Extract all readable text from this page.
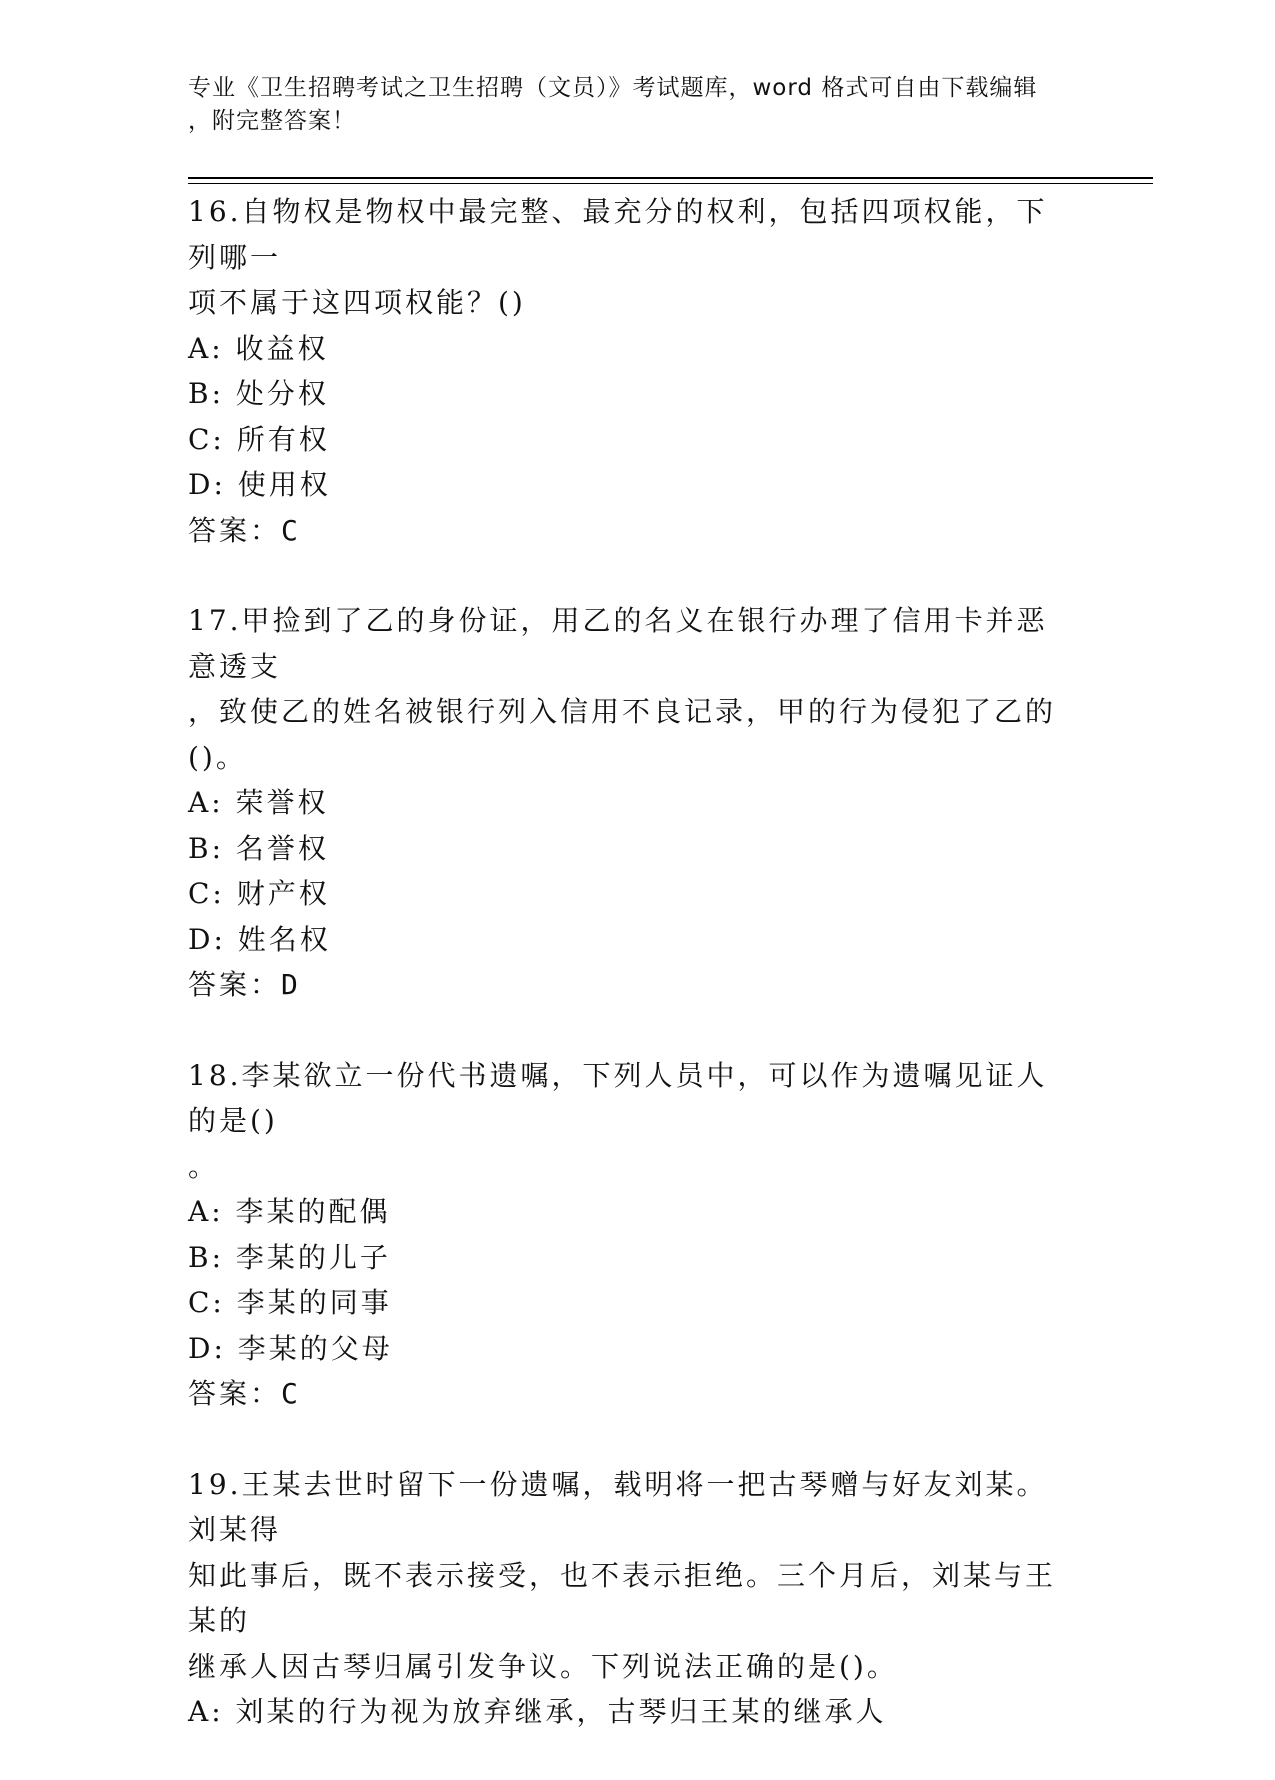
专业《卫生招聘考试之卫生招聘（文员）》考试题库，word 格式可自由下载编辑
，附完整答案！
16.自物权是物权中最完整、最充分的权利，包括四项权能，下列哪一
项不属于这四项权能？()
A: 收益权
B: 处分权
C: 所有权
D: 使用权
答案：C
17.甲捡到了乙的身份证，用乙的名义在银行办理了信用卡并恶意透支
，致使乙的姓名被银行列入信用不良记录，甲的行为侵犯了乙的()。
A: 荣誉权
B: 名誉权
C: 财产权
D: 姓名权
答案：D
18.李某欲立一份代书遗嘱，下列人员中，可以作为遗嘱见证人的是()
。
A: 李某的配偶
B: 李某的儿子
C: 李某的同事
D: 李某的父母
答案：C
19.王某去世时留下一份遗嘱，载明将一把古琴赠与好友刘某。刘某得
知此事后，既不表示接受，也不表示拒绝。三个月后，刘某与王某的
继承人因古琴归属引发争议。下列说法正确的是()。
A: 刘某的行为视为放弃继承，古琴归王某的继承人
